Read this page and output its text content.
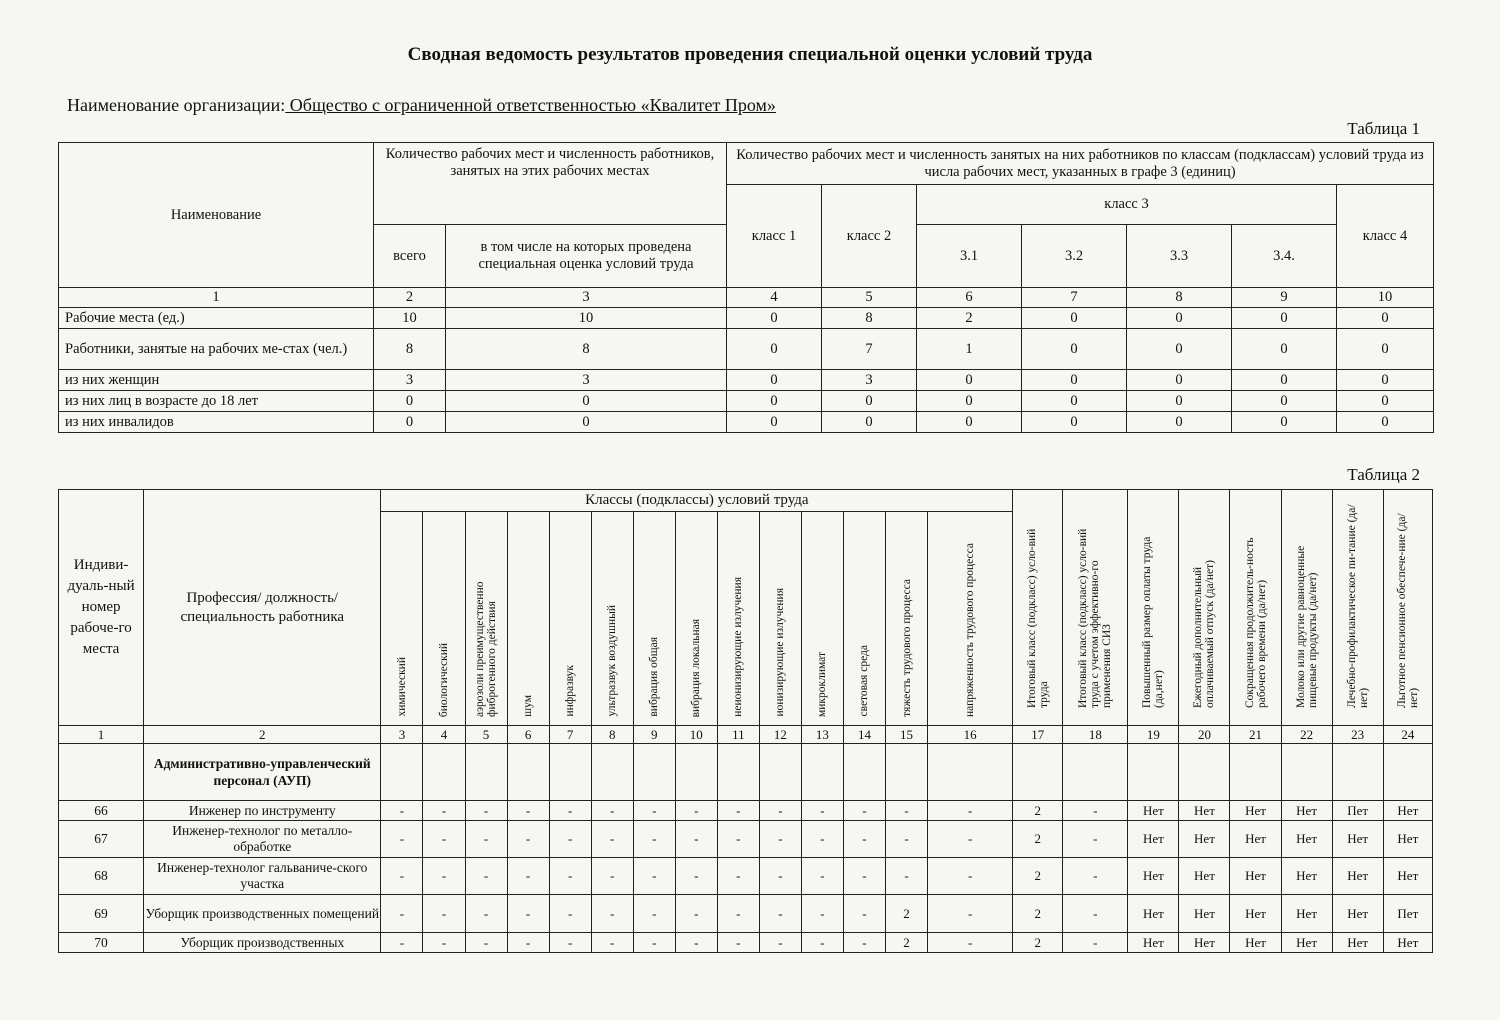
Сводная ведомость результатов проведения специальной оценки условий труда
Наименование организации: Общество с ограниченной ответственностью «Квалитет Пром»
Таблица 1
Наименование	Количество рабочих мест и численность работников, занятых на этих рабочих местах		Количество рабочих мест и численность занятых на них работников по классам (подклассам) условий труда из числа рабочих мест, указанных в графе 3 (единиц)						
			класс 1	класс 2	класс 3				класс 4
	всего	в том числе на которых проведена специальная оценка условий труда			3.1	3.2	3.3	3.4.	
1	2	3	4	5	6	7	8	9	10
Рабочие места (ед.)	10	10	0	8	2	0	0	0	0
Работники, занятые на рабочих ме-стах (чел.)	8	8	0	7	1	0	0	0	0
из них женщин	3	3	0	3	0	0	0	0	0
из них лиц в возрасте до 18 лет	0	0	0	0	0	0	0	0	0
из них инвалидов	0	0	0	0	0	0	0	0	0
Таблица 2
Индиви-дуаль-ный номер рабоче-го места	Профессия/ должность/ специальность работника	Классы (подклассы) условий труда														Итоговый класс (подкласс) усло-вий труда	Итоговый класс (подкласс) усло-вий труда с учетом эффективно-го применения СИЗ	Повышенный размер оплаты труда (да,нет)	Ежегодный дополнительный оплачиваемый отпуск (да/нет)	Сокращенная продолжитель-ность рабочего времени (да/нет)	Молоко или другие равноценные пищевые продукты (да/нет)	Лечебно-профилактическое пи-тание (да/нет)	Льготное пенсионное обеспече-ние (да/нет)
		химический	биологический	аэрозоли преимущественно фиброгенного действия	шум	инфразвук	ультразвук воздушный	вибрация общая	вибрация локальная	неионизирующие излучения	ионизирующие излучения	микроклимат	световая среда	тяжесть трудового процесса	напряженность трудового процесса								
1	2	3	4	5	6	7	8	9	10	11	12	13	14	15	16	17	18	19	20	21	22	23	24
	Административно-управленческий персонал (АУП)																						
66	Инженер по инструменту	-	-	-	-	-	-	-	-	-	-	-	-	-	-	2	-	Нет	Нет	Нет	Нет	Пет	Нет
67	Инженер-технолог по металло-обработке	-	-	-	-	-	-	-	-	-	-	-	-	-	-	2	-	Нет	Нет	Нет	Нет	Нет	Нет
68	Инженер-технолог гальваниче-ского участка	-	-	-	-	-	-	-	-	-	-	-	-	-	-	2	-	Нет	Нет	Нет	Нет	Нет	Нет
69	Уборщик производственных помещений	-	-	-	-	-	-	-	-	-	-	-	-	2	-	2	-	Нет	Нет	Нет	Нет	Нет	Пет
70	Уборщик производственных	-	-	-	-	-	-	-	-	-	-	-	-	2	-	2	-	Нет	Нет	Нет	Нет	Нет	Нет
